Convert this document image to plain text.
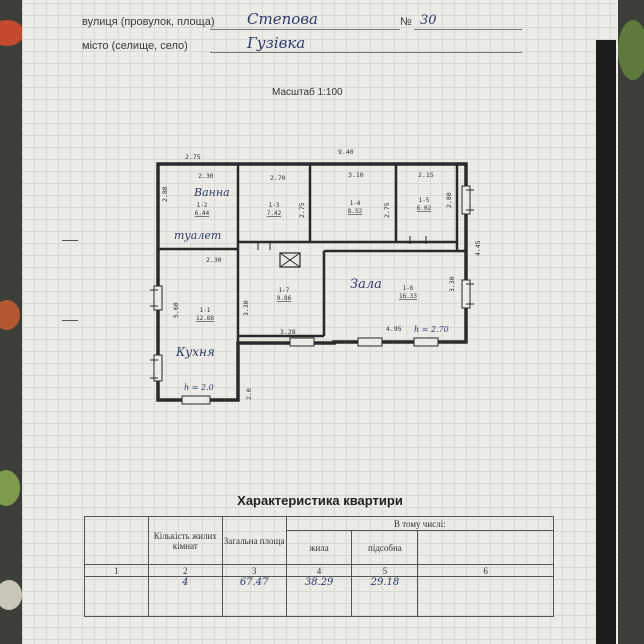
вулиця (провулок, площа) Степова	№ 30
місто (селище, село)	Гузівка
Масштаб 1:100
2.75
9.40
2.30
2.80
2.70
2.75
3.10
2.75
2.15
2.80
4.45
2.30
5.60	3.30
3.28
3.30
4.95
2.0
1-2
6.44
1-3
7.42
1-4
8.52
1-5
6.02
1-1
12.88
1-7
9.86
1-6
16.33
Ванна
туалет
Зала
Кухня
h = 2.0
h = 2.70
Характеристика квартири
	Кількість жилих кімнат	Загальна площа	В тому числі:		
			жила	підсобна	
1	2	3	4	5	6
	4	67.47	38.29	29.18	
